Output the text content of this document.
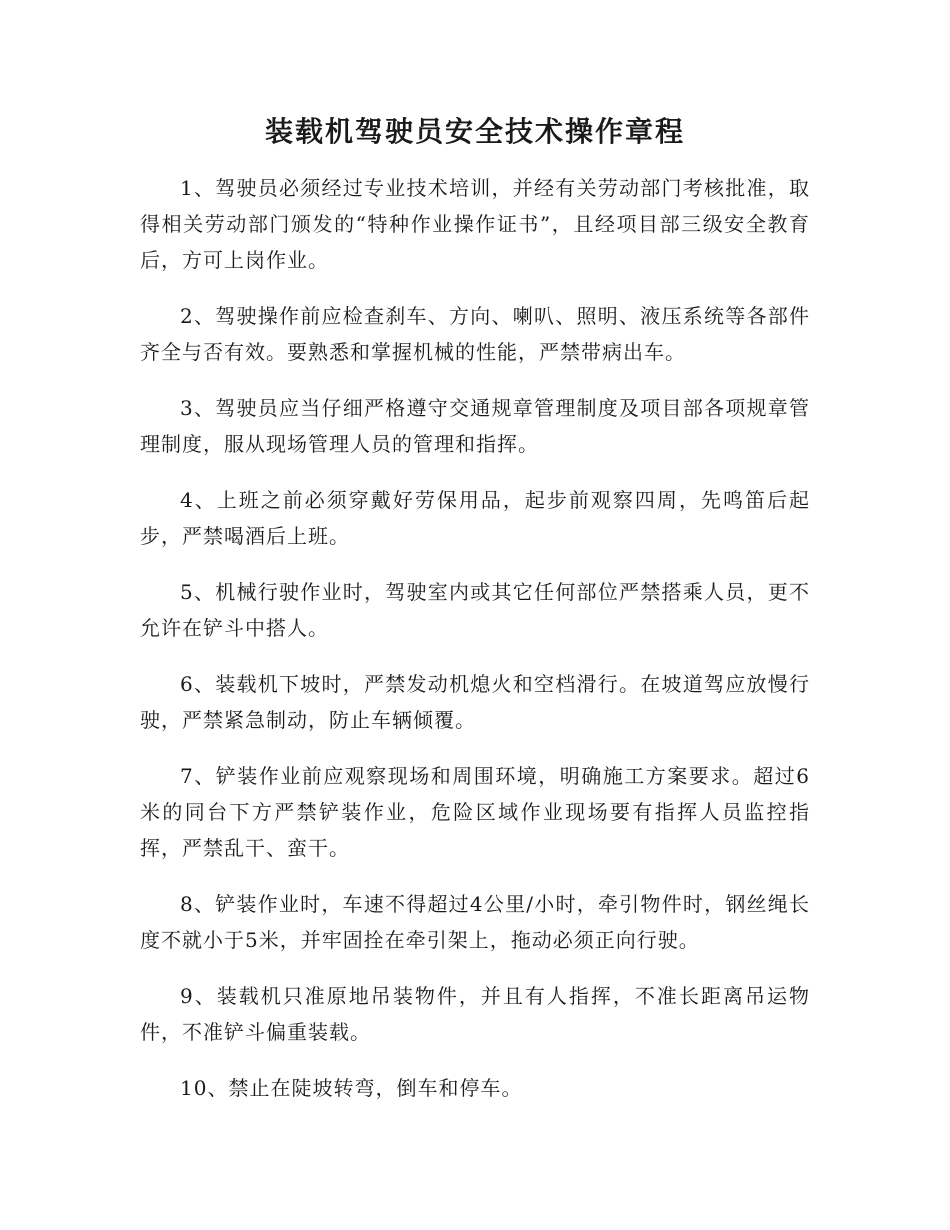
装载机驾驶员安全技术操作章程

1、驾驶员必须经过专业技术培训，并经有关劳动部门考核批准，取得相关劳动部门颁发的“特种作业操作证书”，且经项目部三级安全教育后，方可上岗作业。

2、驾驶操作前应检查刹车、方向、喇叭、照明、液压系统等各部件齐全与否有效。要熟悉和掌握机械的性能，严禁带病出车。

3、驾驶员应当仔细严格遵守交通规章管理制度及项目部各项规章管理制度，服从现场管理人员的管理和指挥。

4、上班之前必须穿戴好劳保用品，起步前观察四周，先鸣笛后起步，严禁喝酒后上班。

5、机械行驶作业时，驾驶室内或其它任何部位严禁搭乘人员，更不允许在铲斗中搭人。

6、装载机下坡时，严禁发动机熄火和空档滑行。在坡道驾应放慢行驶，严禁紧急制动，防止车辆倾覆。

7、铲装作业前应观察现场和周围环境，明确施工方案要求。超过6米的同台下方严禁铲装作业，危险区域作业现场要有指挥人员监控指挥，严禁乱干、蛮干。

8、铲装作业时，车速不得超过4公里/小时，牵引物件时，钢丝绳长度不就小于5米，并牢固拴在牵引架上，拖动必须正向行驶。

9、装载机只准原地吊装物件，并且有人指挥，不准长距离吊运物件，不准铲斗偏重装载。

10、禁止在陡坡转弯，倒车和停车。
